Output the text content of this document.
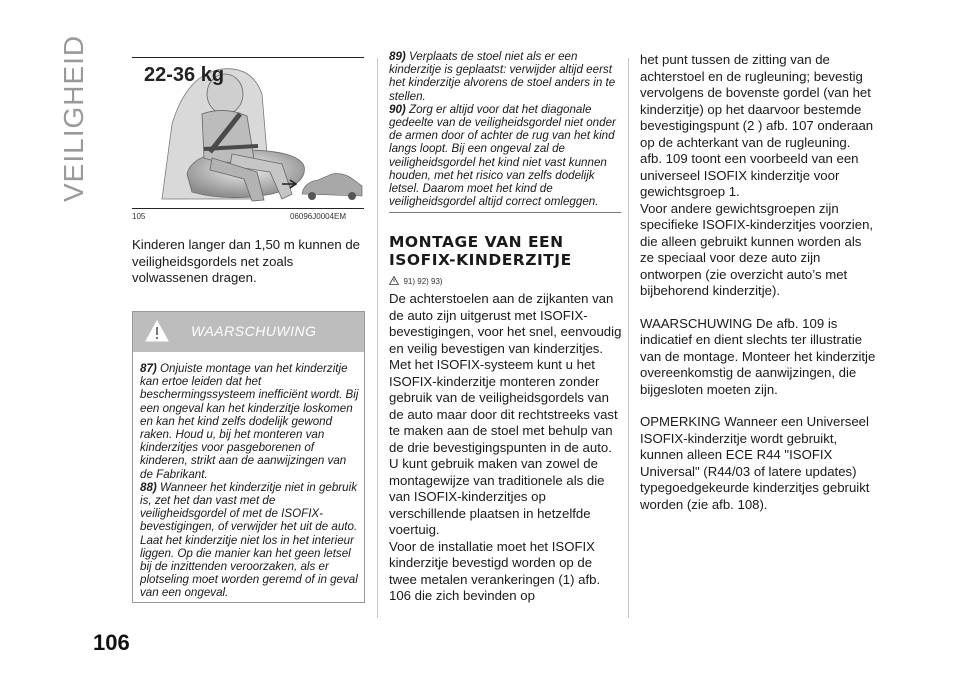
VEILIGHEID	22-36 kg
105	06096J0004EM

Kinderen langer dan 1,50 m kunnen de veiligheidsgordels net zoals volwassenen dragen.

WAARSCHUWING

87) Onjuiste montage van het kinderzitje kan ertoe leiden dat het beschermingssysteem inefficiënt wordt. Bij een ongeval kan het kinderzitje loskomen en kan het kind zelfs dodelijk gewond raken. Houd u, bij het monteren van kinderzitjes voor pasgeborenen of kinderen, strikt aan de aanwijzingen van de Fabrikant.

88) Wanneer het kinderzitje niet in gebruik is, zet het dan vast met de veiligheidsgordel of met de ISOFIX-bevestigingen, of verwijder het uit de auto. Laat het kinderzitje niet los in het interieur liggen. Op die manier kan het geen letsel bij de inzittenden veroorzaken, als er plotseling moet worden geremd of in geval van een ongeval.

89) Verplaats de stoel niet als er een kinderzitje is geplaatst: verwijder altijd eerst het kinderzitje alvorens de stoel anders in te stellen.

90) Zorg er altijd voor dat het diagonale gedeelte van de veiligheidsgordel niet onder de armen door of achter de rug van het kind langs loopt. Bij een ongeval zal de veiligheidsgordel het kind niet vast kunnen houden, met het risico van zelfs dodelijk letsel. Daarom moet het kind de veiligheidsgordel altijd correct omleggen.

MONTAGE VAN EEN ISOFIX-KINDERZITJE

91) 92) 93)

De achterstoelen aan de zijkanten van de auto zijn uitgerust met ISOFIX-bevestigingen, voor het snel, eenvoudig en veilig bevestigen van kinderzitjes. Met het ISOFIX-systeem kunt u het ISOFIX-kinderzitje monteren zonder gebruik van de veiligheidsgordels van de auto maar door dit rechtstreeks vast te maken aan de stoel met behulp van de drie bevestigingspunten in de auto.

U kunt gebruik maken van zowel de montagewijze van traditionele als die van ISOFIX-kinderzitjes op verschillende plaatsen in hetzelfde voertuig.

Voor de installatie moet het ISOFIX kinderzitje bevestigd worden op de twee metalen verankeringen (1) afb. 106 die zich bevinden op

het punt tussen de zitting van de achterstoel en de rugleuning; bevestig vervolgens de bovenste gordel (van het kinderzitje) op het daarvoor bestemde bevestigingspunt (2 ) afb. 107 onderaan op de achterkant van de rugleuning.

afb. 109 toont een voorbeeld van een universeel ISOFIX kinderzitje voor gewichtsgroep 1.

Voor andere gewichtsgroepen zijn specifieke ISOFIX-kinderzitjes voorzien, die alleen gebruikt kunnen worden als ze speciaal voor deze auto zijn ontworpen (zie overzicht auto’s met bijbehorend kinderzitje).

WAARSCHUWING De afb. 109 is indicatief en dient slechts ter illustratie van de montage. Monteer het kinderzitje overeenkomstig de aanwijzingen, die bijgesloten moeten zijn.

OPMERKING Wanneer een Universeel ISOFIX-kinderzitje wordt gebruikt, kunnen alleen ECE R44 "ISOFIX Universal" (R44/03 of latere updates) typegoedgekeurde kinderzitjes gebruikt worden (zie afb. 108).

106
